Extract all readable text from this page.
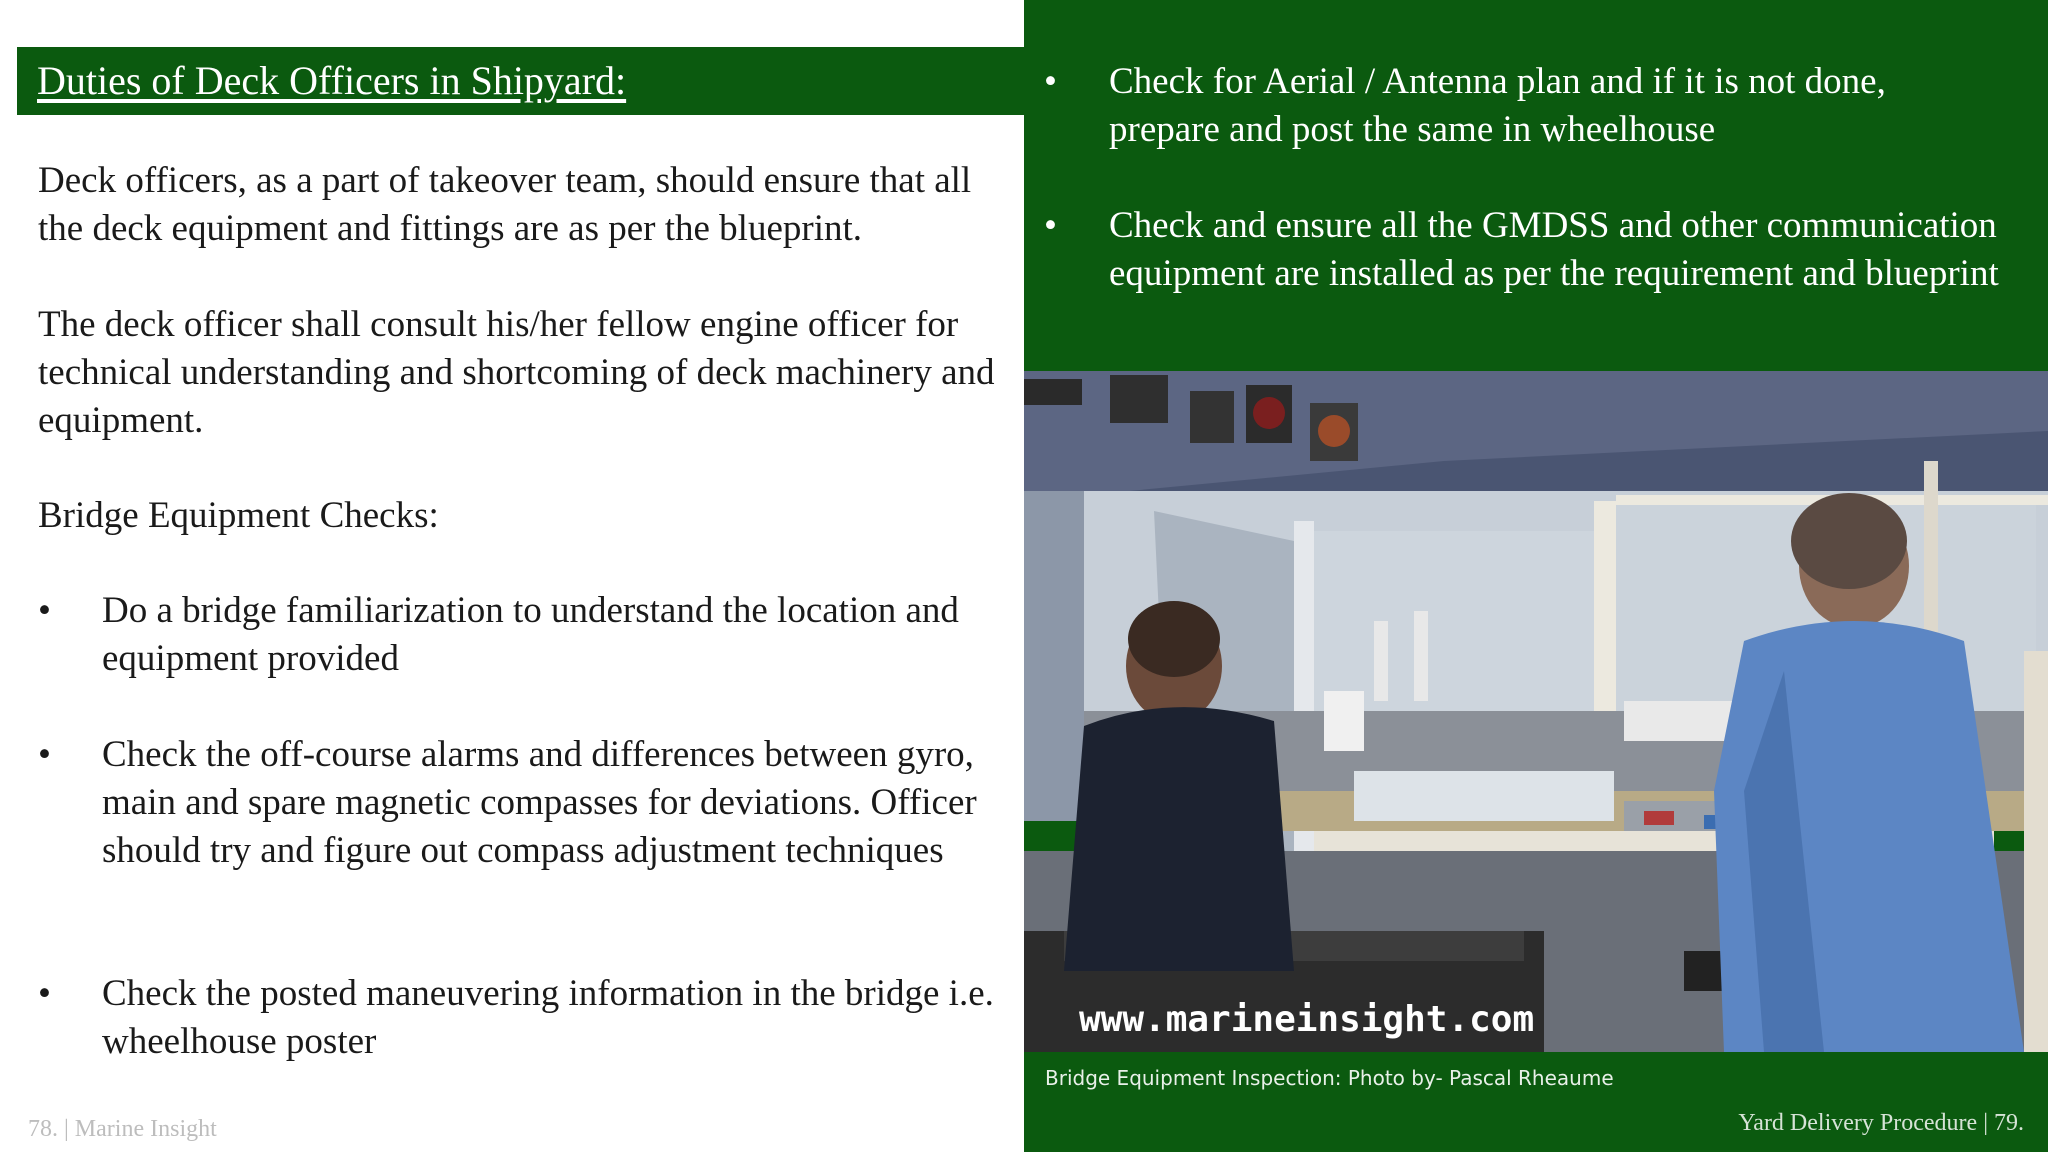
Duties of Deck Officers in Shipyard:
Deck officers, as a part of takeover team, should ensure that all the deck equipment and fittings are as per the blueprint.
The deck officer shall consult his/her fellow engine officer for technical understanding and shortcoming of deck machinery and equipment.
Bridge Equipment Checks:
•	Do a bridge familiarization to understand the location and equipment provided
•	Check the off-course alarms and differences between gyro, main and spare magnetic compasses for deviations. Officer should try and figure out compass adjustment techniques
•	Check the posted maneuvering information in the bridge i.e. wheelhouse poster
78. | Marine Insight
•	Check for Aerial / Antenna plan and if it is not done, prepare and post the same in wheelhouse
•	Check and ensure all the GMDSS and other communication equipment are installed as per the requirement and blueprint
www.marineinsight.com
Bridge Equipment Inspection: Photo by- Pascal Rheaume
Yard Delivery Procedure | 79.
